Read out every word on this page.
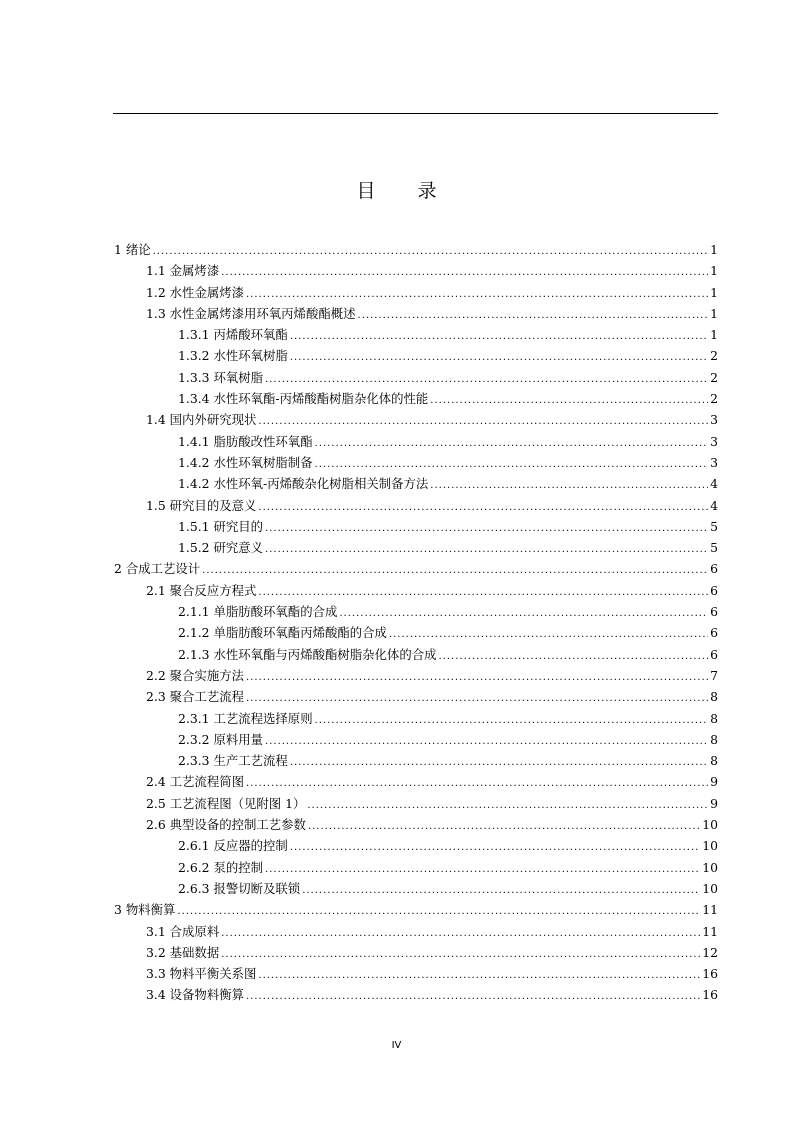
目 录
1 绪论 .....	1
1.1 金属烤漆 .....	1
1.2 水性金属烤漆 .....	1
1.3 水性金属烤漆用环氧丙烯酸酯概述 .....	1
1.3.1 丙烯酸环氧酯 .....	1
1.3.2 水性环氧树脂 .....	2
1.3.3 环氧树脂 .....	2
1.3.4 水性环氧酯-丙烯酸酯树脂杂化体的性能 .....	2
1.4 国内外研究现状 .....	3
1.4.1 脂肪酸改性环氧酯 .....	3
1.4.2 水性环氧树脂制备 .....	3
1.4.2 水性环氧-丙烯酸杂化树脂相关制备方法 .....	4
1.5 研究目的及意义 .....	4
1.5.1 研究目的 .....	5
1.5.2 研究意义 .....	5
2 合成工艺设计 .....	6
2.1 聚合反应方程式 .....	6
2.1.1 单脂肪酸环氧酯的合成 .....	6
2.1.2 单脂肪酸环氧酯丙烯酸酯的合成 .....	6
2.1.3 水性环氧酯与丙烯酸酯树脂杂化体的合成 .....	6
2.2 聚合实施方法 .....	7
2.3 聚合工艺流程 .....	8
2.3.1 工艺流程选择原则 .....	8
2.3.2 原料用量 .....	8
2.3.3 生产工艺流程 .....	8
2.4 工艺流程简图 .....	9
2.5 工艺流程图（见附图 1） .....	9
2.6 典型设备的控制工艺参数 .....	10
2.6.1 反应器的控制 .....	10
2.6.2 泵的控制 .....	10
2.6.3 报警切断及联锁 .....	10
3 物料衡算 .....	11
3.1 合成原料 .....	11
3.2 基础数据 .....	12
3.3 物料平衡关系图 .....	16
3.4 设备物料衡算 .....	16
IV
